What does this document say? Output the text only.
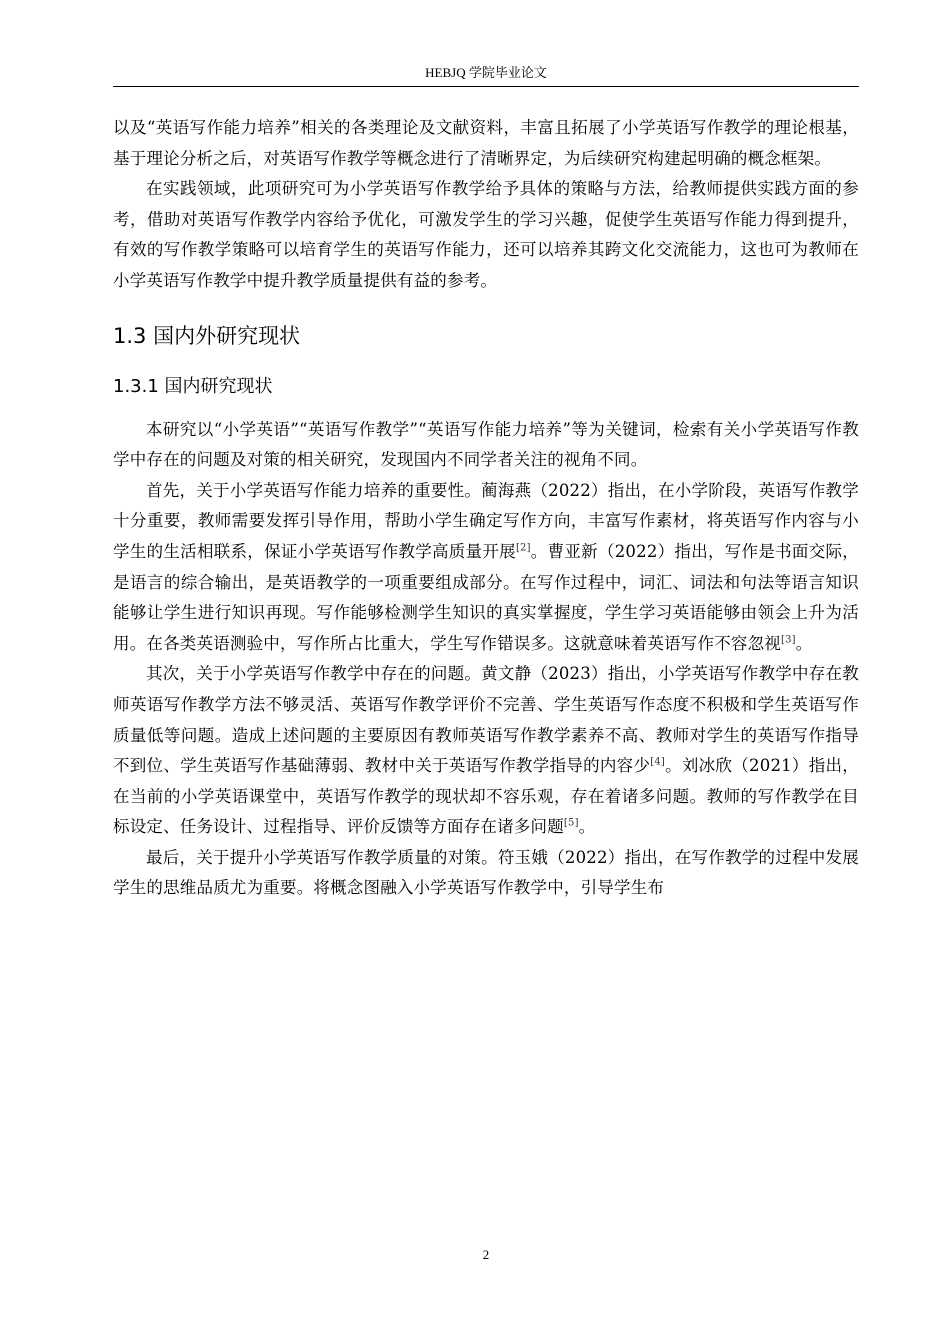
HEBJQ 学院毕业论文

以及“英语写作能力培养”相关的各类理论及文献资料，丰富且拓展了小学英语写作教学的理论根基，基于理论分析之后，对英语写作教学等概念进行了清晰界定，为后续研究构建起明确的概念框架。

在实践领域，此项研究可为小学英语写作教学给予具体的策略与方法，给教师提供实践方面的参考，借助对英语写作教学内容给予优化，可激发学生的学习兴趣，促使学生英语写作能力得到提升，有效的写作教学策略可以培育学生的英语写作能力，还可以培养其跨文化交流能力，这也可为教师在小学英语写作教学中提升教学质量提供有益的参考。

1.3 国内外研究现状
1.3.1 国内研究现状

本研究以“小学英语”“英语写作教学”“英语写作能力培养”等为关键词，检索有关小学英语写作教学中存在的问题及对策的相关研究，发现国内不同学者关注的视角不同。

首先，关于小学英语写作能力培养的重要性。蔺海燕（2022）指出，在小学阶段，英语写作教学十分重要，教师需要发挥引导作用，帮助小学生确定写作方向，丰富写作素材，将英语写作内容与小学生的生活相联系，保证小学英语写作教学高质量开展[2]。曹亚新（2022）指出，写作是书面交际，是语言的综合输出，是英语教学的一项重要组成部分。在写作过程中，词汇、词法和句法等语言知识能够让学生进行知识再现。写作能够检测学生知识的真实掌握度，学生学习英语能够由领会上升为活用。在各类英语测验中，写作所占比重大，学生写作错误多。这就意味着英语写作不容忽视[3]。

其次，关于小学英语写作教学中存在的问题。黄文静（2023）指出，小学英语写作教学中存在教师英语写作教学方法不够灵活、英语写作教学评价不完善、学生英语写作态度不积极和学生英语写作质量低等问题。造成上述问题的主要原因有教师英语写作教学素养不高、教师对学生的英语写作指导不到位、学生英语写作基础薄弱、教材中关于英语写作教学指导的内容少[4]。刘冰欣（2021）指出，在当前的小学英语课堂中，英语写作教学的现状却不容乐观，存在着诸多问题。教师的写作教学在目标设定、任务设计、过程指导、评价反馈等方面存在诸多问题[5]。

最后，关于提升小学英语写作教学质量的对策。符玉娥（2022）指出，在写作教学的过程中发展学生的思维品质尤为重要。将概念图融入小学英语写作教学中，引导学生布

2
